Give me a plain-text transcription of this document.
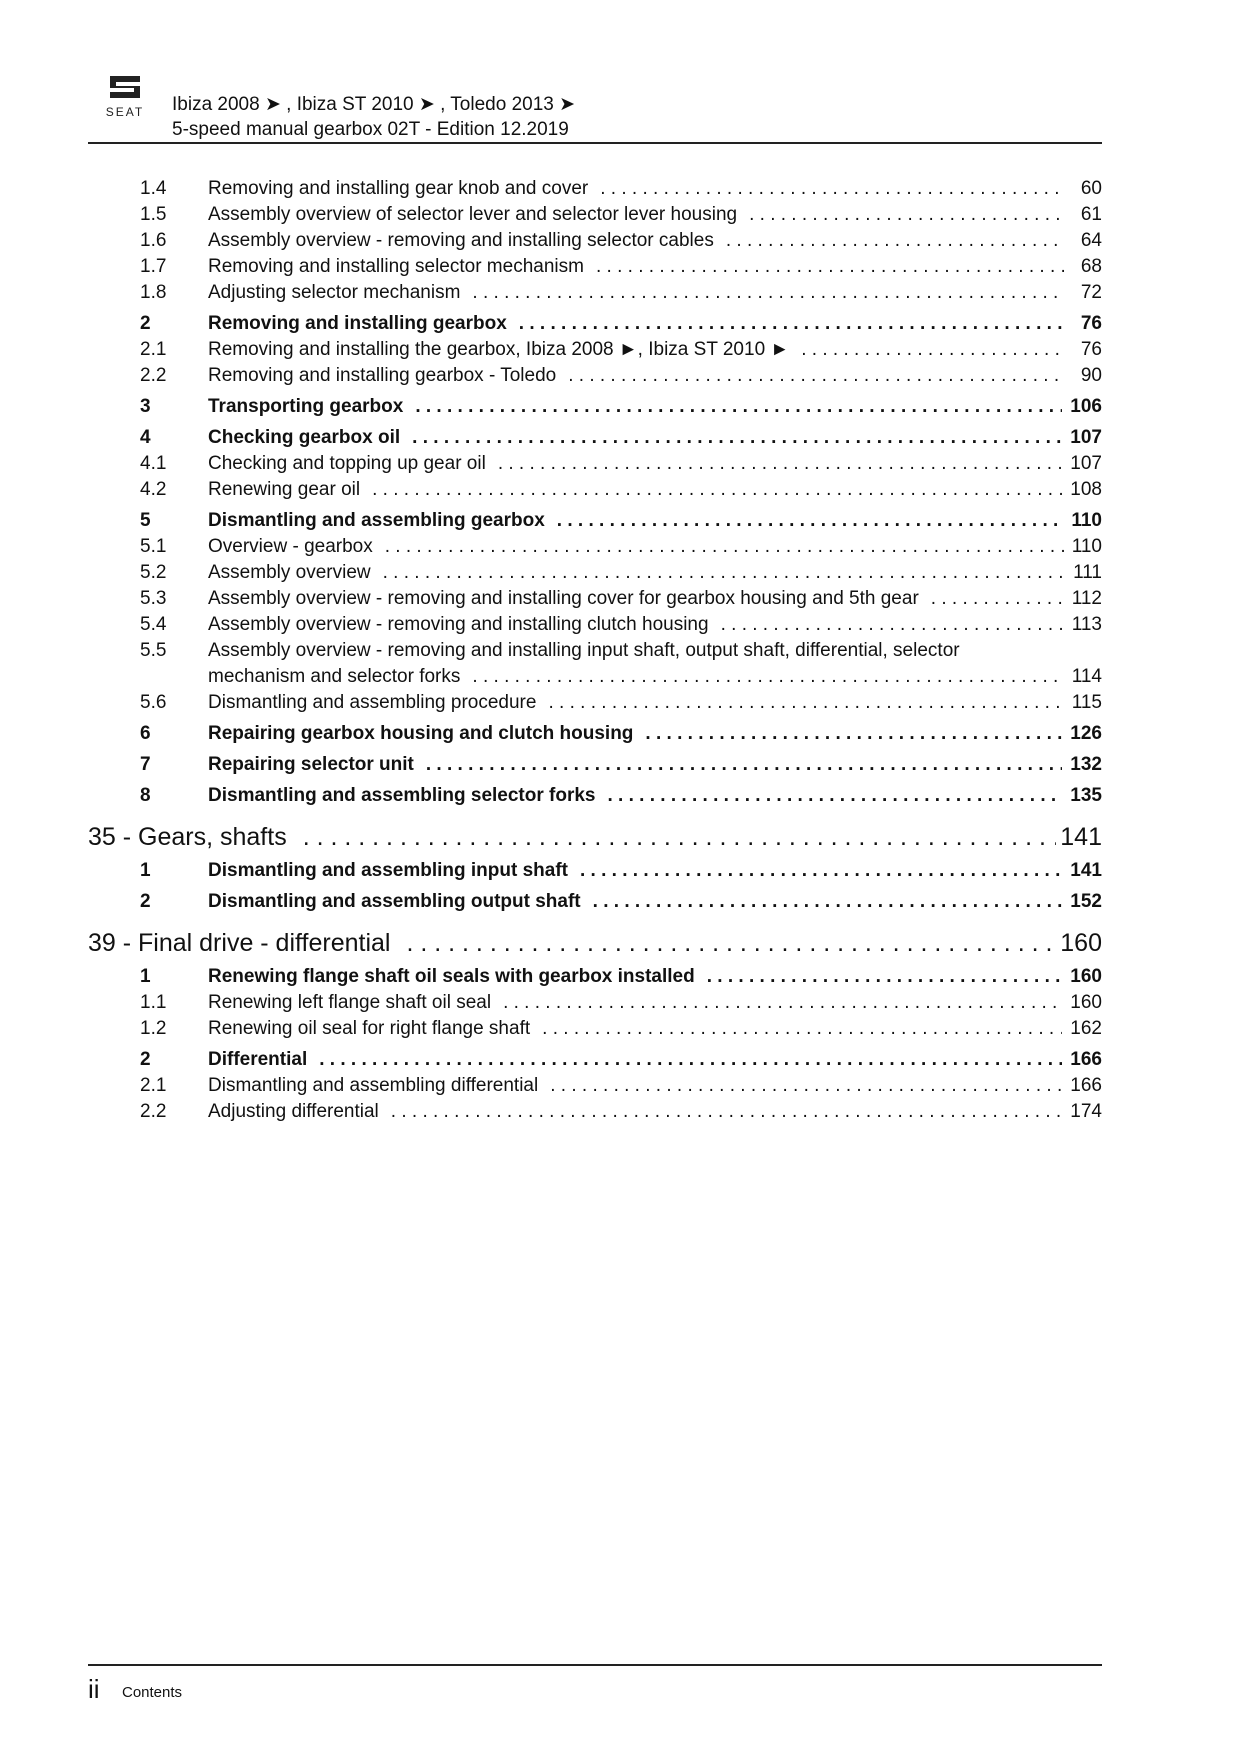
SEAT Ibiza 2008 ➤ , Ibiza ST 2010 ➤ , Toledo 2013 ➤
5-speed manual gearbox 02T - Edition 12.2019
1.4	Removing and installing gear knob and cover . . .	60
1.5	Assembly overview of selector lever and selector lever housing . . .	61
1.6	Assembly overview - removing and installing selector cables . . .	64
1.7	Removing and installing selector mechanism . . .	68
1.8	Adjusting selector mechanism . . .	72
2	Removing and installing gearbox . . .	76
2.1	Removing and installing the gearbox, Ibiza 2008 ►, Ibiza ST 2010 ► . . .	76
2.2	Removing and installing gearbox - Toledo . . .	90
3	Transporting gearbox . . .	106
4	Checking gearbox oil . . .	107
4.1	Checking and topping up gear oil . . .	107
4.2	Renewing gear oil . . .	108
5	Dismantling and assembling gearbox . . .	110
5.1	Overview - gearbox . . .	110
5.2	Assembly overview . . .	111
5.3	Assembly overview - removing and installing cover for gearbox housing and 5th gear . . .	112
5.4	Assembly overview - removing and installing clutch housing . . .	113
5.5	Assembly overview - removing and installing input shaft, output shaft, differential, selector
mechanism and selector forks . . .	114
5.6	Dismantling and assembling procedure . . .	115
6	Repairing gearbox housing and clutch housing . . .	126
7	Repairing selector unit . . .	132
8	Dismantling and assembling selector forks . . .	135
35 - Gears, shafts . . .	141
1	Dismantling and assembling input shaft . . .	141
2	Dismantling and assembling output shaft . . .	152
39 - Final drive - differential . . .	160
1	Renewing flange shaft oil seals with gearbox installed . . .	160
1.1	Renewing left flange shaft oil seal . . .	160
1.2	Renewing oil seal for right flange shaft . . .	162
2	Differential . . .	166
2.1	Dismantling and assembling differential . . .	166
2.2	Adjusting differential . . .	174
ii Contents
